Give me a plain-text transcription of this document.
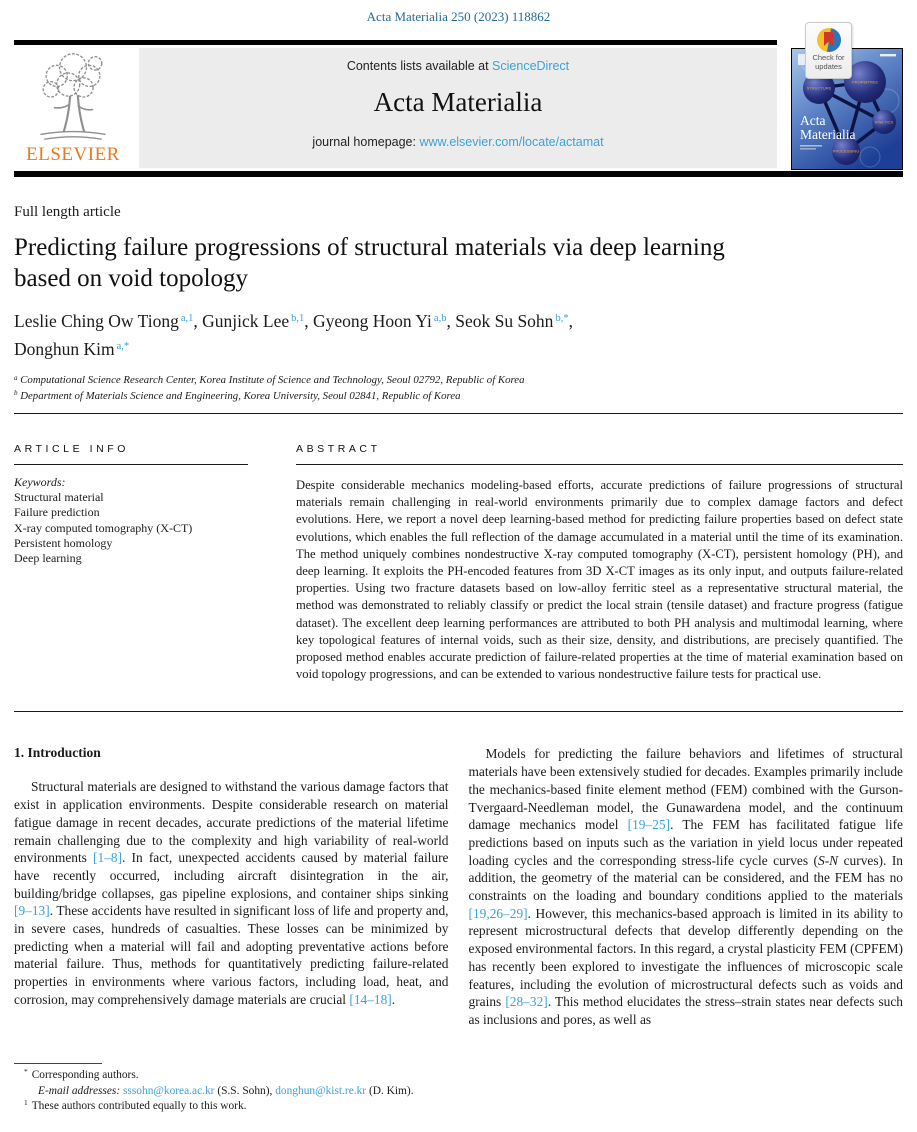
Acta Materialia 250 (2023) 118862
ELSEVIER
Contents lists available at ScienceDirect
Acta Materialia
journal homepage: www.elsevier.com/locate/actamat
STRUCTURE
PROPERTIES
KINETICS
PROCESSING
Acta
Materialia
Full length article
Check for
updates
Predicting failure progressions of structural materials via deep learning
based on void topology
Leslie Ching Ow Tiong $^{a,1}$, Gunjick Lee $^{b,1}$, Gyeong Hoon Yi $^{a,b}$, Seok Su Sohn $^{b,*}$,
Donghun Kim $^{a,*}$
$^a$ Computational Science Research Center, Korea Institute of Science and Technology, Seoul 02792, Republic of Korea
$^b$ Department of Materials Science and Engineering, Korea University, Seoul 02841, Republic of Korea
ARTICLE INFO
Keywords:
Structural material
Failure prediction
X-ray computed tomography (X-CT)
Persistent homology
Deep learning
ABSTRACT
Despite considerable mechanics modeling-based efforts, accurate predictions of failure progressions of structural materials remain challenging in real-world environments primarily due to complex damage factors and defect evolutions. Here, we report a novel deep learning-based method for predicting failure properties based on defect state evolutions, which enables the full reflection of the damage accumulated in a material until the time of its examination. The method uniquely combines nondestructive X-ray computed tomography (X-CT), persistent homology (PH), and deep learning. It exploits the PH-encoded features from 3D X-CT images as its only input, and outputs failure-related properties. Using two fracture datasets based on low-alloy ferritic steel as a representative structural material, the method was demonstrated to reliably classify or predict the local strain (tensile dataset) and fracture progress (fatigue dataset). The excellent deep learning performances are attributed to both PH analysis and multimodal learning, where key topological features of internal voids, such as their size, density, and distributions, are precisely quantified. The proposed method enables accurate prediction of failure-related properties at the time of material examination based on void topology progressions, and can be extended to various nondestructive failure tests for practical use.
1. Introduction
Structural materials are designed to withstand the various damage factors that exist in application environments. Despite considerable research on material fatigue damage in recent decades, accurate predictions of the material lifetime remain challenging due to the complexity and high variability of real-world environments [1–8]. In fact, unexpected accidents caused by material failure have recently occurred, including aircraft disintegration in the air, building/bridge collapses, gas pipeline explosions, and container ships sinking [9–13]. These accidents have resulted in significant loss of life and property and, in severe cases, hundreds of casualties. These losses can be minimized by predicting when a material will fail and adopting preventative actions before material failure. Thus, methods for quantitatively predicting failure-related properties in environments where various factors, including load, heat, and corrosion, may comprehensively damage materials are crucial [14–18].
Models for predicting the failure behaviors and lifetimes of structural materials have been extensively studied for decades. Examples primarily include the mechanics-based finite element method (FEM) combined with the Gurson-Tvergaard-Needleman model, the Gunawardena model, and the continuum damage mechanics model [19–25]. The FEM has facilitated fatigue life predictions based on inputs such as the variation in yield locus under repeated loading cycles and the corresponding stress-life cycle curves (S-N curves). In addition, the geometry of the material can be considered, and the FEM has no constraints on the loading and boundary conditions applied to the materials [19,26–29]. However, this mechanics-based approach is limited in its ability to represent microstructural defects that develop differently depending on the exposed environmental factors. In this regard, a crystal plasticity FEM (CPFEM) has recently been explored to investigate the influences of microscopic scale features, including the evolution of microstructural defects such as voids and grains [28–32]. This method elucidates the stress–strain states near defects such as inclusions and pores, as well as
* Corresponding authors.
E-mail addresses: sssohn@korea.ac.kr (S.S. Sohn), donghun@kist.re.kr (D. Kim).
$^1$ These authors contributed equally to this work.
